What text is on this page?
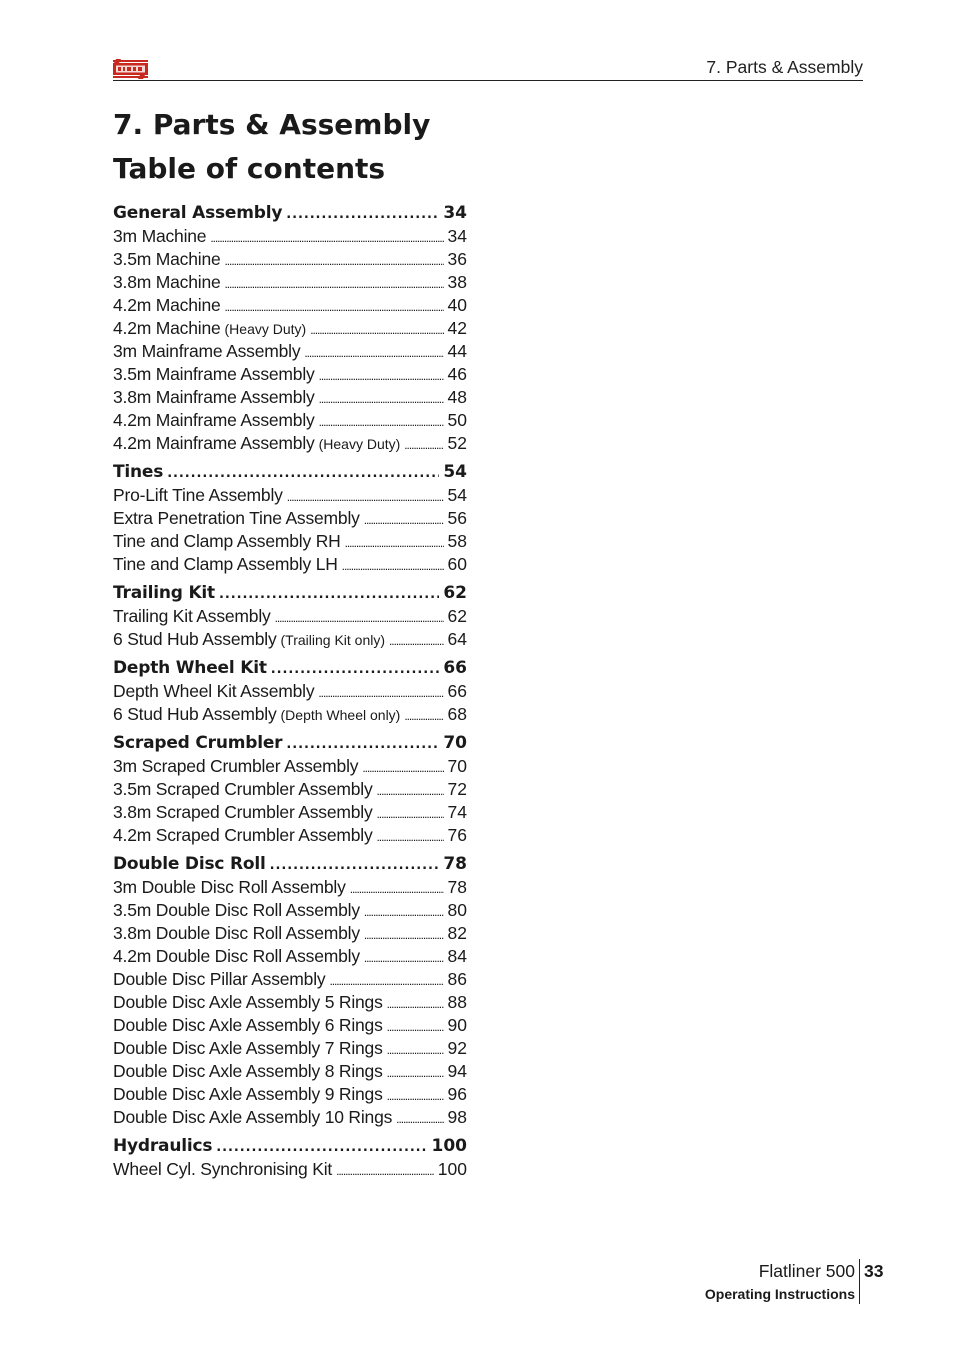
7. Parts & Assembly
7. Parts & Assembly
Table of contents
General Assembly . . .	34
3m Machine . . .	34
3.5m Machine . . .	36
3.8m Machine . . .	38
4.2m Machine . . .	40
4.2m Machine (Heavy Duty) . . .	42
3m Mainframe Assembly . . .	44
3.5m Mainframe Assembly . . .	46
3.8m Mainframe Assembly . . .	48
4.2m Mainframe Assembly . . .	50
4.2m Mainframe Assembly (Heavy Duty) . . .	52
Tines . . .	54
Pro-Lift Tine Assembly . . .	54
Extra Penetration Tine Assembly . . .	56
Tine and Clamp Assembly RH . . .	58
Tine and Clamp Assembly LH . . .	60
Trailing Kit . . .	62
Trailing Kit Assembly . . .	62
6 Stud Hub Assembly (Trailing Kit only) . . .	64
Depth Wheel Kit . . .	66
Depth Wheel Kit Assembly . . .	66
6 Stud Hub Assembly (Depth Wheel only) . . .	68
Scraped Crumbler . . .	70
3m Scraped Crumbler Assembly . . .	70
3.5m Scraped Crumbler Assembly . . .	72
3.8m Scraped Crumbler Assembly . . .	74
4.2m Scraped Crumbler Assembly . . .	76
Double Disc Roll . . .	78
3m Double Disc Roll Assembly . . .	78
3.5m Double Disc Roll Assembly . . .	80
3.8m Double Disc Roll Assembly . . .	82
4.2m Double Disc Roll Assembly . . .	84
Double Disc Pillar Assembly . . .	86
Double Disc Axle Assembly 5 Rings . . .	88
Double Disc Axle Assembly 6 Rings . . .	90
Double Disc Axle Assembly 7 Rings . . .	92
Double Disc Axle Assembly 8 Rings . . .	94
Double Disc Axle Assembly 9 Rings . . .	96
Double Disc Axle Assembly 10 Rings . . .	98
Hydraulics . . .	100
Wheel Cyl. Synchronising Kit . . .	100
Flatliner 500 33
Operating Instructions
